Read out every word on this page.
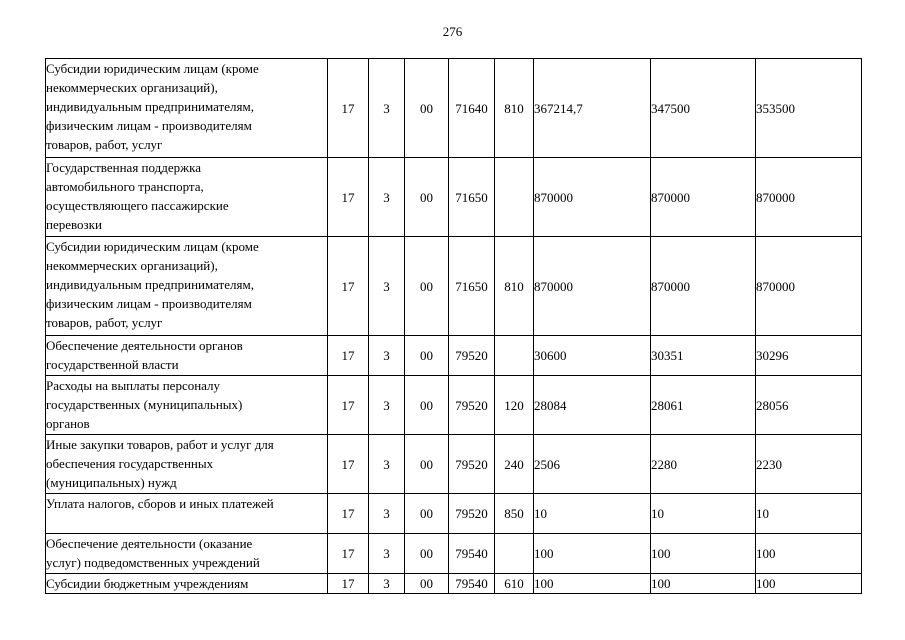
276
Субсидии юридическим лицам (кроме
некоммерческих организаций),
индивидуальным предпринимателям,
физическим лицам - производителям
товаров, работ, услуг	17	3	00	71640	810	367214,7	347500	353500

Государственная поддержка
автомобильного транспорта,
осуществляющего пассажирские
перевозки	17	3	00	71650		870000	870000	870000

Субсидии юридическим лицам (кроме
некоммерческих организаций),
индивидуальным предпринимателям,
физическим лицам - производителям
товаров, работ, услуг	17	3	00	71650	810	870000	870000	870000

Обеспечение деятельности органов
государственной власти	17	3	00	79520		30600	30351	30296

Расходы на выплаты персоналу
государственных (муниципальных)
органов	17	3	00	79520	120	28084	28061	28056

Иные закупки товаров, работ и услуг для
обеспечения государственных
(муниципальных) нужд	17	3	00	79520	240	2506	2280	2230

Уплата налогов, сборов и иных платежей	17	3	00	79520	850	10	10	10

Обеспечение деятельности (оказание
услуг) подведомственных учреждений	17	3	00	79540		100	100	100

Субсидии бюджетным учреждениям	17	3	00	79540	610	100	100	100
